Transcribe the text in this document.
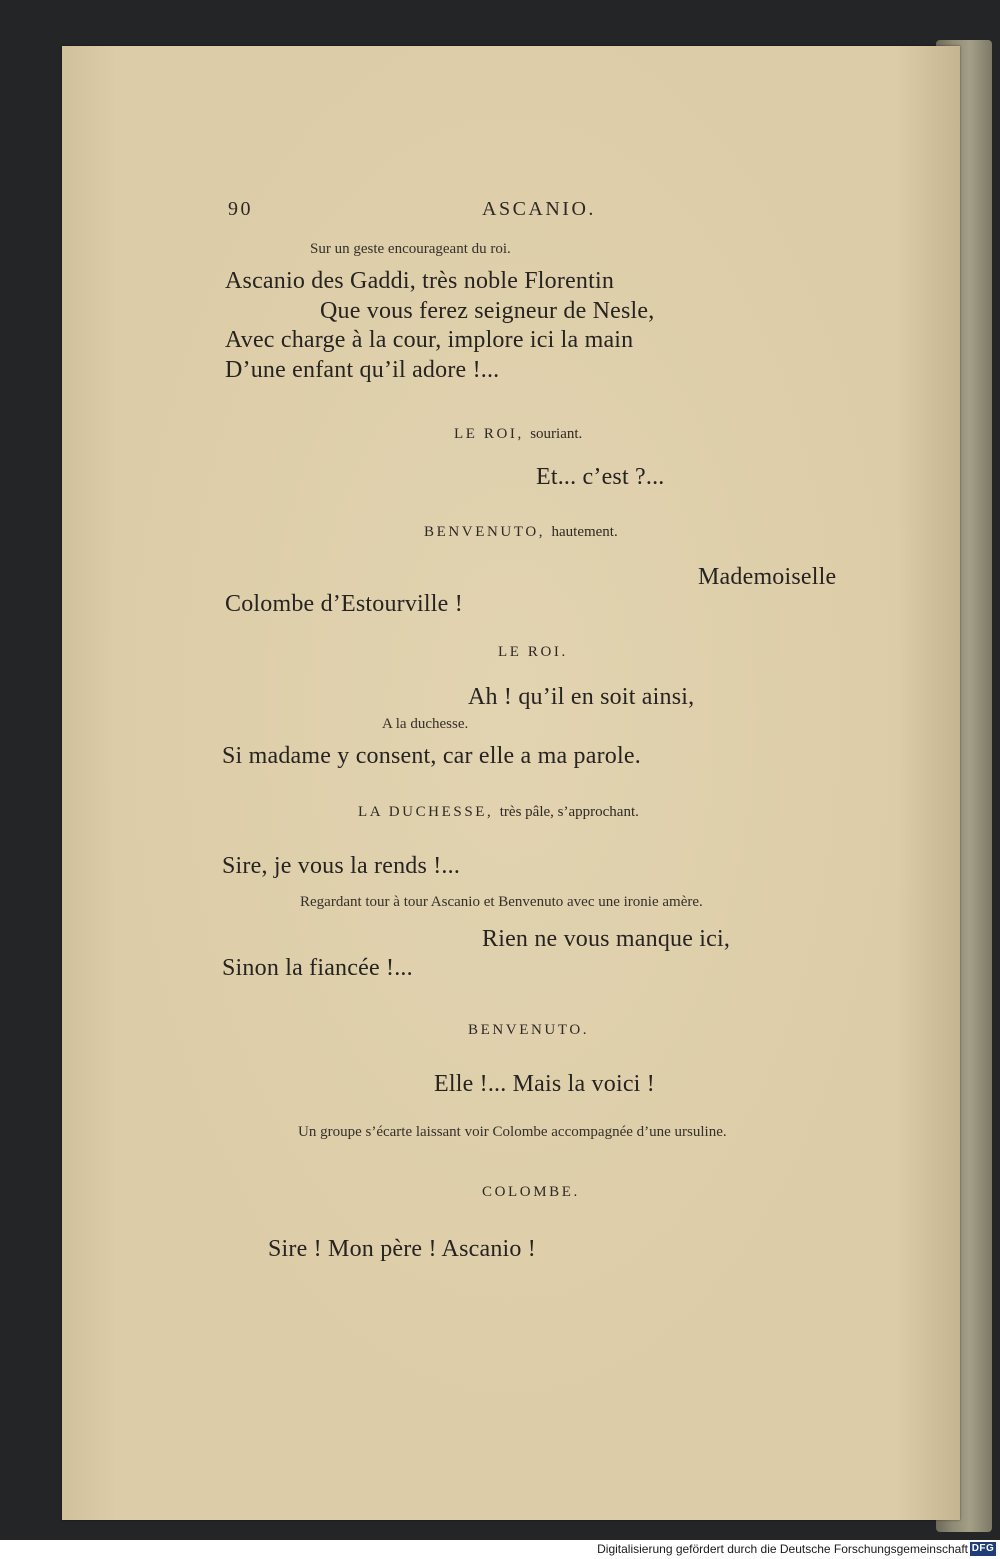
90	ASCANIO.

Sur un geste encourageant du roi.

Ascanio des Gaddi, très noble Florentin

Que vous ferez seigneur de Nesle,

Avec charge à la cour, implore ici la main

D’une enfant qu’il adore !...

LE ROI, souriant.

Et... c’est ?...

BENVENUTO, hautement.

Mademoiselle

Colombe d’Estourville !

LE ROI.

Ah ! qu’il en soit ainsi,

A la duchesse.

Si madame y consent, car elle a ma parole.

LA DUCHESSE, très pâle, s’approchant.

Sire, je vous la rends !...

Regardant tour à tour Ascanio et Benvenuto avec une ironie amère.

Rien ne vous manque ici,

Sinon la fiancée !...

BENVENUTO.

Elle !... Mais la voici !

Un groupe s’écarte laissant voir Colombe accompagnée d’une ursuline.

COLOMBE.

Sire ! Mon père ! Ascanio !

Digitalisierung gefördert durch die Deutsche Forschungsgemeinschaft DFG
